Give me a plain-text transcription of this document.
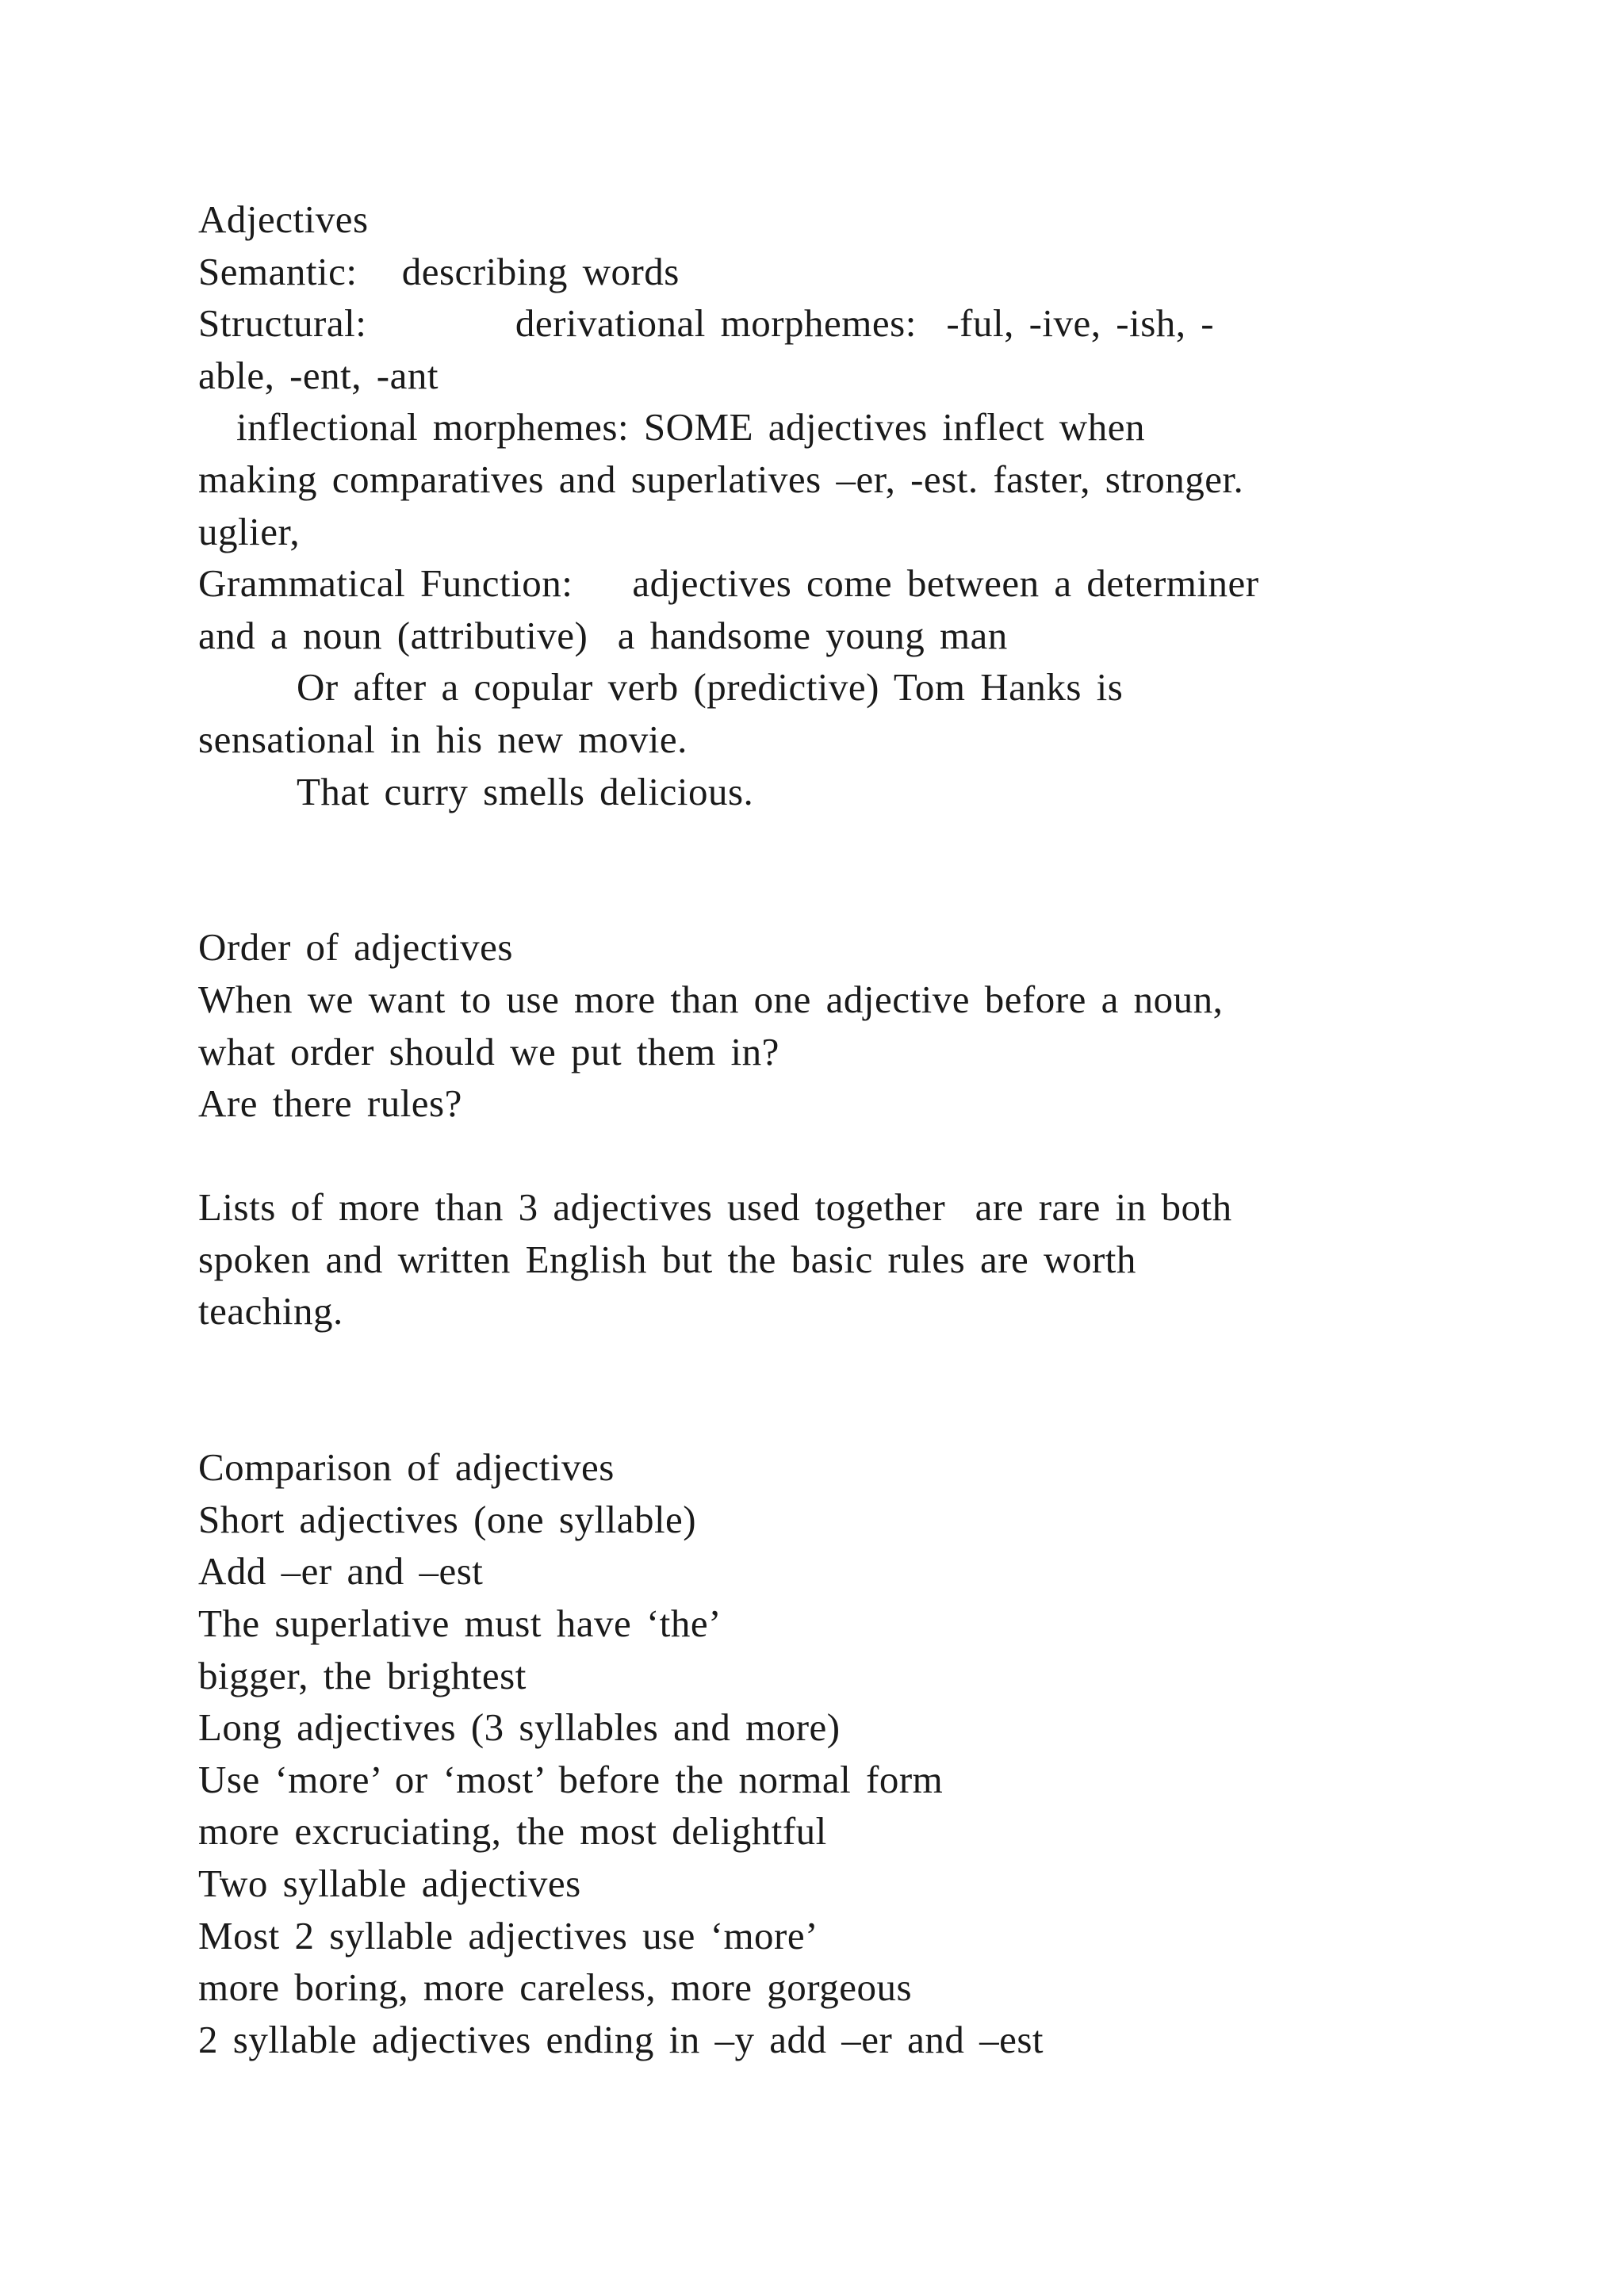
Adjectives
Semantic:   describing words
Structural:          derivational morphemes:  -ful, -ive, -ish, -
able, -ent, -ant
inflectional morphemes: SOME adjectives inflect when
making comparatives and superlatives –er, -est. faster, stronger.
uglier,
Grammatical Function:    adjectives come between a determiner
and a noun (attributive)  a handsome young man
Or after a copular verb (predictive) Tom Hanks is
sensational in his new movie.
That curry smells delicious.
Order of adjectives
When we want to use more than one adjective before a noun,
what order should we put them in?
Are there rules?
Lists of more than 3 adjectives used together  are rare in both
spoken and written English but the basic rules are worth
teaching.
Comparison of adjectives
Short adjectives (one syllable)
Add –er and –est
The superlative must have ‘the’
bigger, the brightest
Long adjectives (3 syllables and more)
Use ‘more’ or ‘most’ before the normal form
more excruciating, the most delightful
Two syllable adjectives
Most 2 syllable adjectives use ‘more’
more boring, more careless, more gorgeous
2 syllable adjectives ending in –y add –er and –est
